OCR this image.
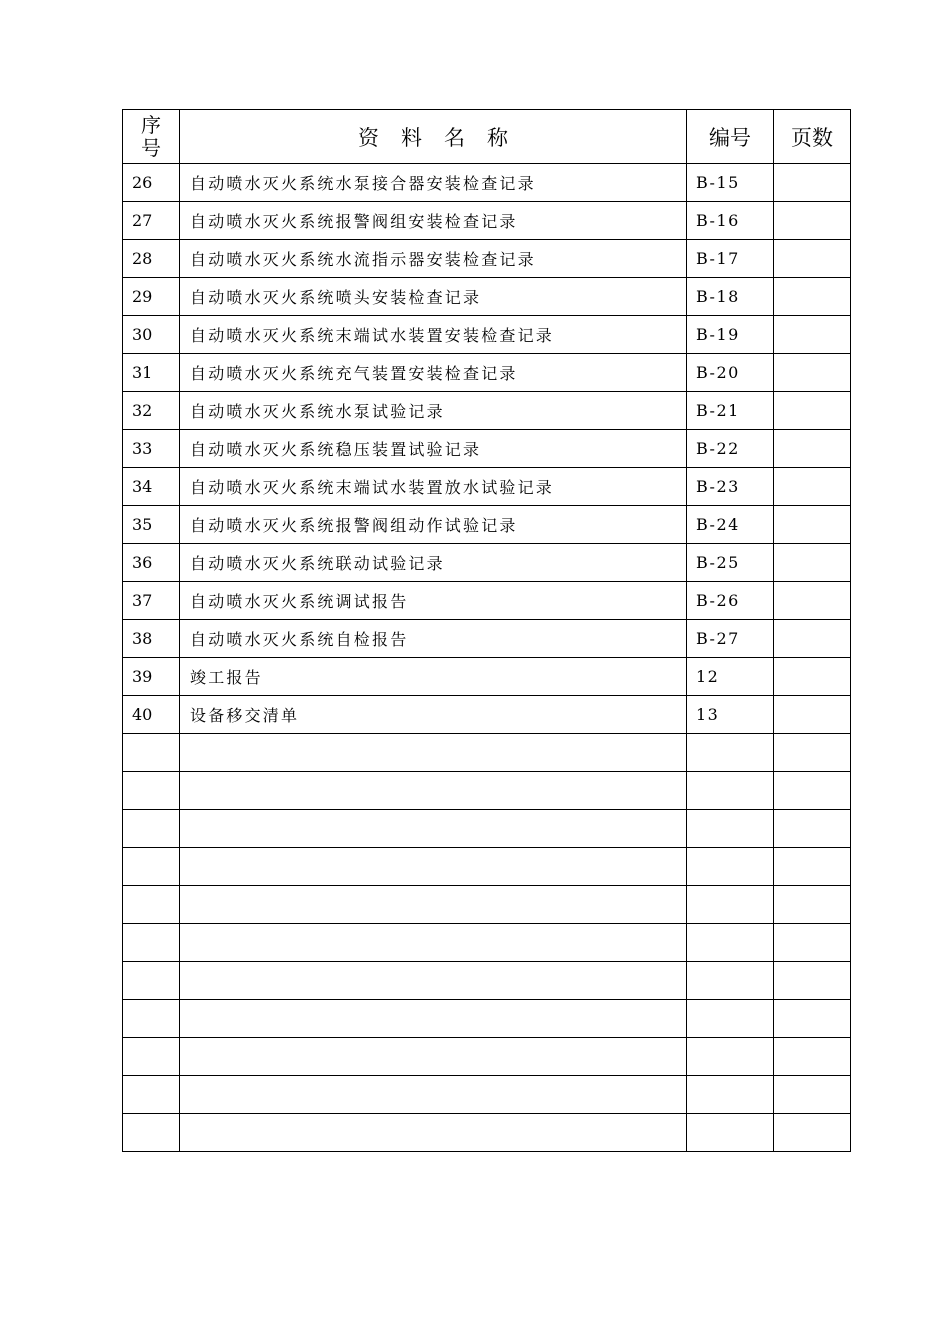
序
号	资料名称	编号	页数
26	自动喷水灭火系统水泵接合器安装检查记录	B-15	
27	自动喷水灭火系统报警阀组安装检查记录	B-16	
28	自动喷水灭火系统水流指示器安装检查记录	B-17	
29	自动喷水灭火系统喷头安装检查记录	B-18	
30	自动喷水灭火系统末端试水装置安装检查记录	B-19	
31	自动喷水灭火系统充气装置安装检查记录	B-20	
32	自动喷水灭火系统水泵试验记录	B-21	
33	自动喷水灭火系统稳压装置试验记录	B-22	
34	自动喷水灭火系统末端试水装置放水试验记录	B-23	
35	自动喷水灭火系统报警阀组动作试验记录	B-24	
36	自动喷水灭火系统联动试验记录	B-25	
37	自动喷水灭火系统调试报告	B-26	
38	自动喷水灭火系统自检报告	B-27	
39	竣工报告	12	
40	设备移交清单	13	
